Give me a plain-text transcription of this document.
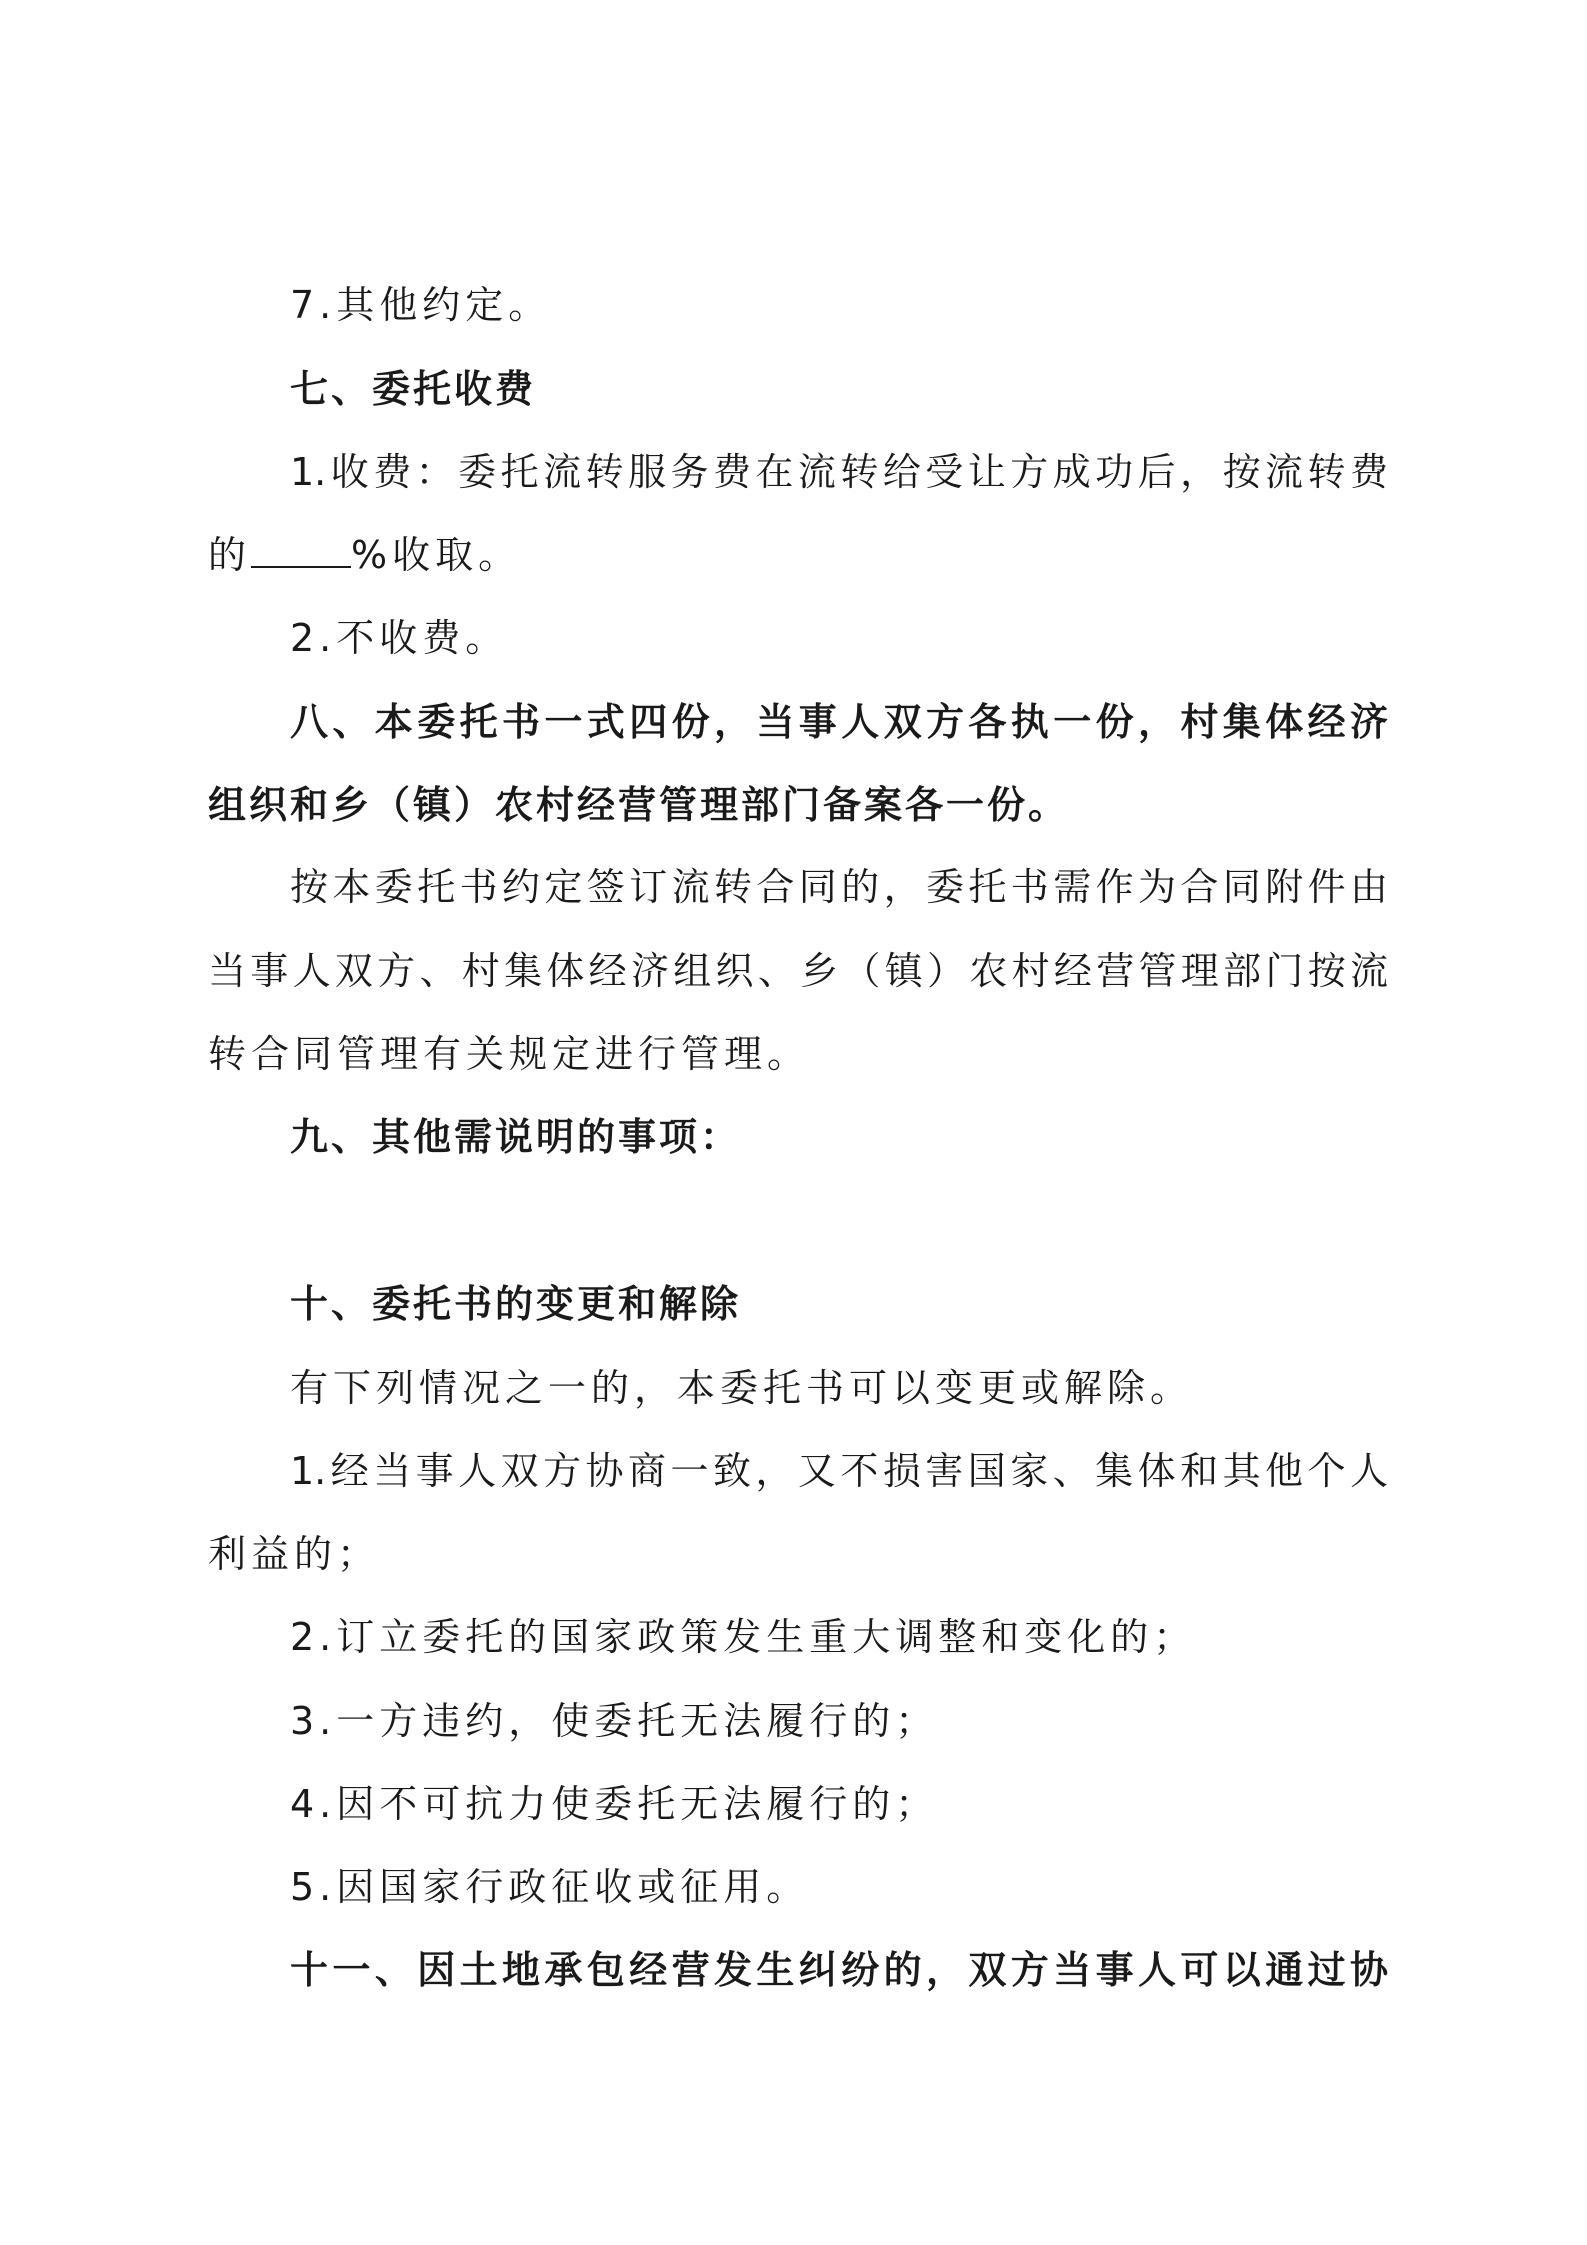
7.其他约定。
七、委托收费
1.收费：委托流转服务费在流转给受让方成功后，按流转费
的	%收取。
2.不收费。
八、本委托书一式四份，当事人双方各执一份，村集体经济
组织和乡（镇）农村经营管理部门备案各一份。
按本委托书约定签订流转合同的，委托书需作为合同附件由
当事人双方、村集体经济组织、乡（镇）农村经营管理部门按流
转合同管理有关规定进行管理。
九、其他需说明的事项：
十、委托书的变更和解除
有下列情况之一的，本委托书可以变更或解除。
1.经当事人双方协商一致，又不损害国家、集体和其他个人
利益的；
2.订立委托的国家政策发生重大调整和变化的；
3.一方违约，使委托无法履行的；
4.因不可抗力使委托无法履行的；
5.因国家行政征收或征用。
十一、因土地承包经营发生纠纷的，双方当事人可以通过协
